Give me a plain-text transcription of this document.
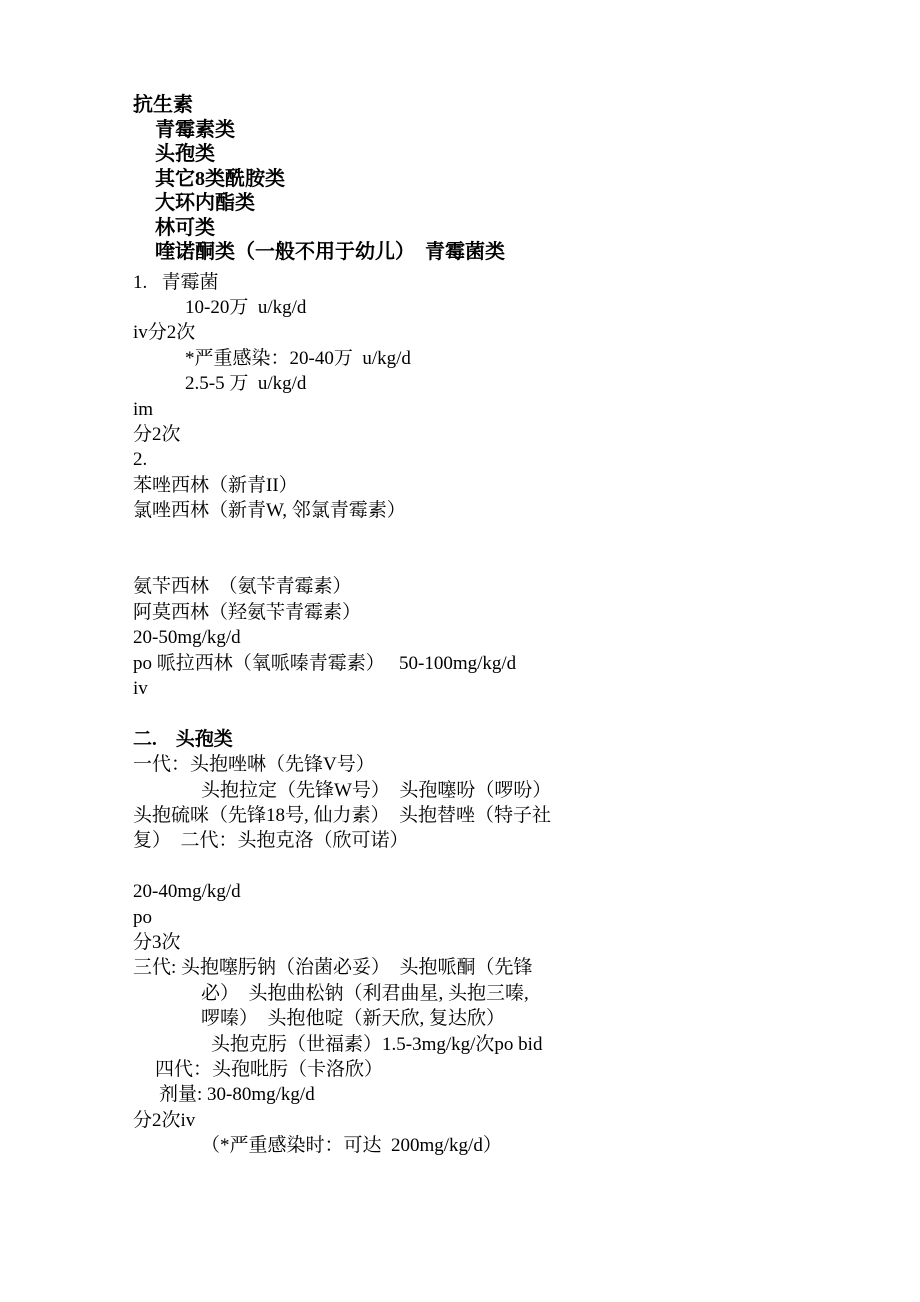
抗生素
青霉素类
头孢类
其它8类酰胺类
大环内酯类
林可类
喹诺酮类（一般不用于幼儿）　青霉菌类
1.   青霉菌
10-20万  u/kg/d
iv分2次
*严重感染：20-40万  u/kg/d
2.5-5 万  u/kg/d
im
分2次
2.
苯唑西林（新青II）
氯唑西林（新青W, 邻氯青霉素）
氨苄西林　（氨苄青霉素）
阿莫西林（羟氨苄青霉素）
20-50mg/kg/d
po 哌拉西林（氧哌嗪青霉素）　 50-100mg/kg/d
iv
二.　头孢类
一代：头抱唑啉（先锋V号）
头抱拉定（先锋W号）　头孢噻吩（啰吩）
头抱硫咪（先锋18号, 仙力素）　头抱替唑（特子社
复）　二代：头抱克洛（欣可诺）
20-40mg/kg/d
po
分3次
三代: 头抱噻肟钠（治菌必妥）　头抱哌酮（先锋
必）　头抱曲松钠（利君曲星, 头抱三嗪,
啰嗪）　头抱他啶（新天欣, 复达欣）
头抱克肟（世福素）1.5-3mg/kg/次po bid
四代：头孢吡肟（卡洛欣）
剂量: 30-80mg/kg/d
分2次iv
（*严重感染时：可达  200mg/kg/d）
